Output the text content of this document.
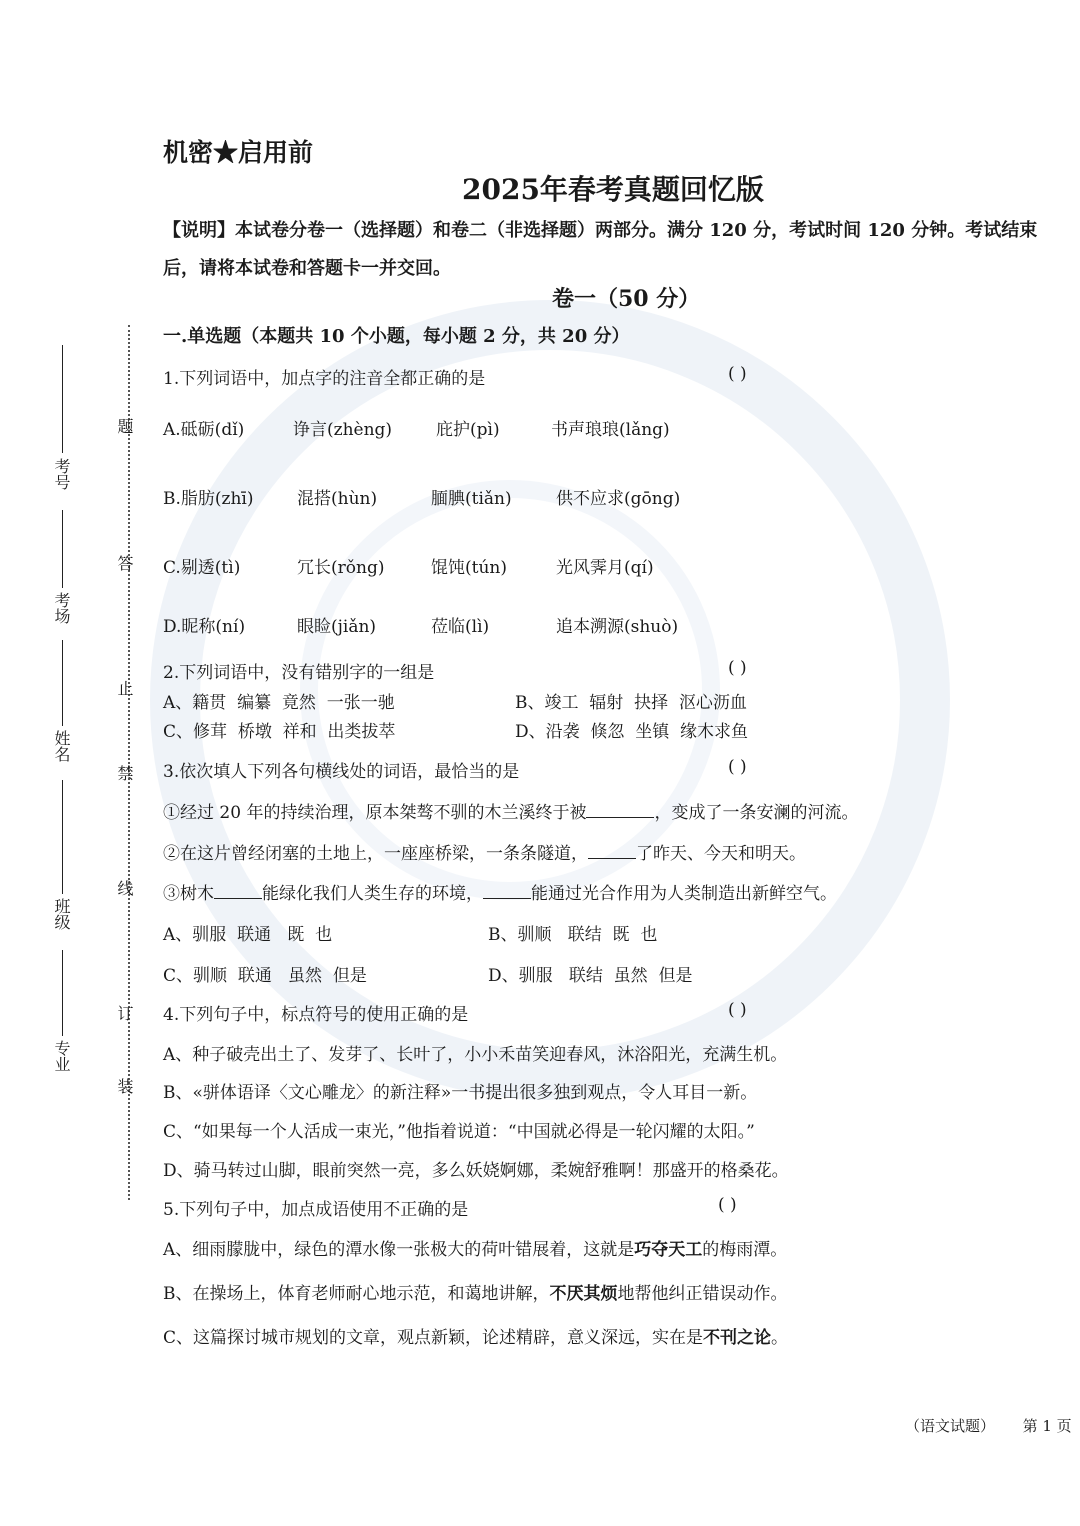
考号
考场
姓名
班级
专业
题
答
止
禁
线
订
装
机密★启用前
2025年春考真题回忆版
【说明】本试卷分卷一（选择题）和卷二（非选择题）两部分。满分 120 分，考试时间 120 分钟。考试结束后，请将本试卷和答题卡一并交回。
卷一（50 分）
一.单选题（本题共 10 个小题，每小题 2 分，共 20 分）
1.下列词语中，加点字的注音全都正确的是	( )
A.砥砺(dǐ)	诤言(zhèng)	庇护(pì)	书声琅琅(lǎng)
B.脂肪(zhī)	混搭(hùn)	腼腆(tiǎn)	供不应求(gōng)
C.剔透(tì)	冗长(rǒng)	馄饨(tún)	光风霁月(qí)
D.昵称(ní)	眼睑(jiǎn)	莅临(lì)	追本溯源(shuò)
2.下列词语中，没有错别字的一组是	( )
A、籍贯  编纂  竟然  一张一驰	B、竣工  辐射  抉择  沤心沥血
C、修茸  桥墩  祥和  出类拔萃	D、沿袭  倏忽  坐镇  缘木求鱼
3.依次填人下列各句横线处的词语，最恰当的是	( )
①经过 20 年的持续治理，原本桀骜不驯的木兰溪终于被	，变成了一条安澜的河流。
②在这片曾经闭塞的土地上，一座座桥梁，一条条隧道，	了昨天、今天和明天。
③树木	能绿化我们人类生存的环境，	能通过光合作用为人类制造出新鲜空气。
A、驯服  联通   既  也	B、驯顺   联结  既  也
C、驯顺  联通   虽然  但是	D、驯服   联结  虽然  但是
4.下列句子中，标点符号的使用正确的是	( )
A、种子破壳出土了、发芽了、长叶了，小小禾苗笑迎春风，沐浴阳光，充满生机。
B、«骈体语译〈文心雕龙〉的新注释»一书提出很多独到观点，令人耳目一新。
C、“如果每一个人活成一束光，”他指着说道：“中国就必得是一轮闪耀的太阳。”
D、骑马转过山脚，眼前突然一亮，多么妖娆婀娜，柔婉舒雅啊！那盛开的格桑花。
5.下列句子中，加点成语使用不正确的是	( )
A、细雨朦胧中，绿色的潭水像一张极大的荷叶错展着，这就是巧夺天工的梅雨潭。
B、在操场上，体育老师耐心地示范，和蔼地讲解，不厌其烦地帮他纠正错误动作。
C、这篇探讨城市规划的文章，观点新颖，论述精辟，意义深远，实在是不刊之论。
（语文试题） 第 1 页
